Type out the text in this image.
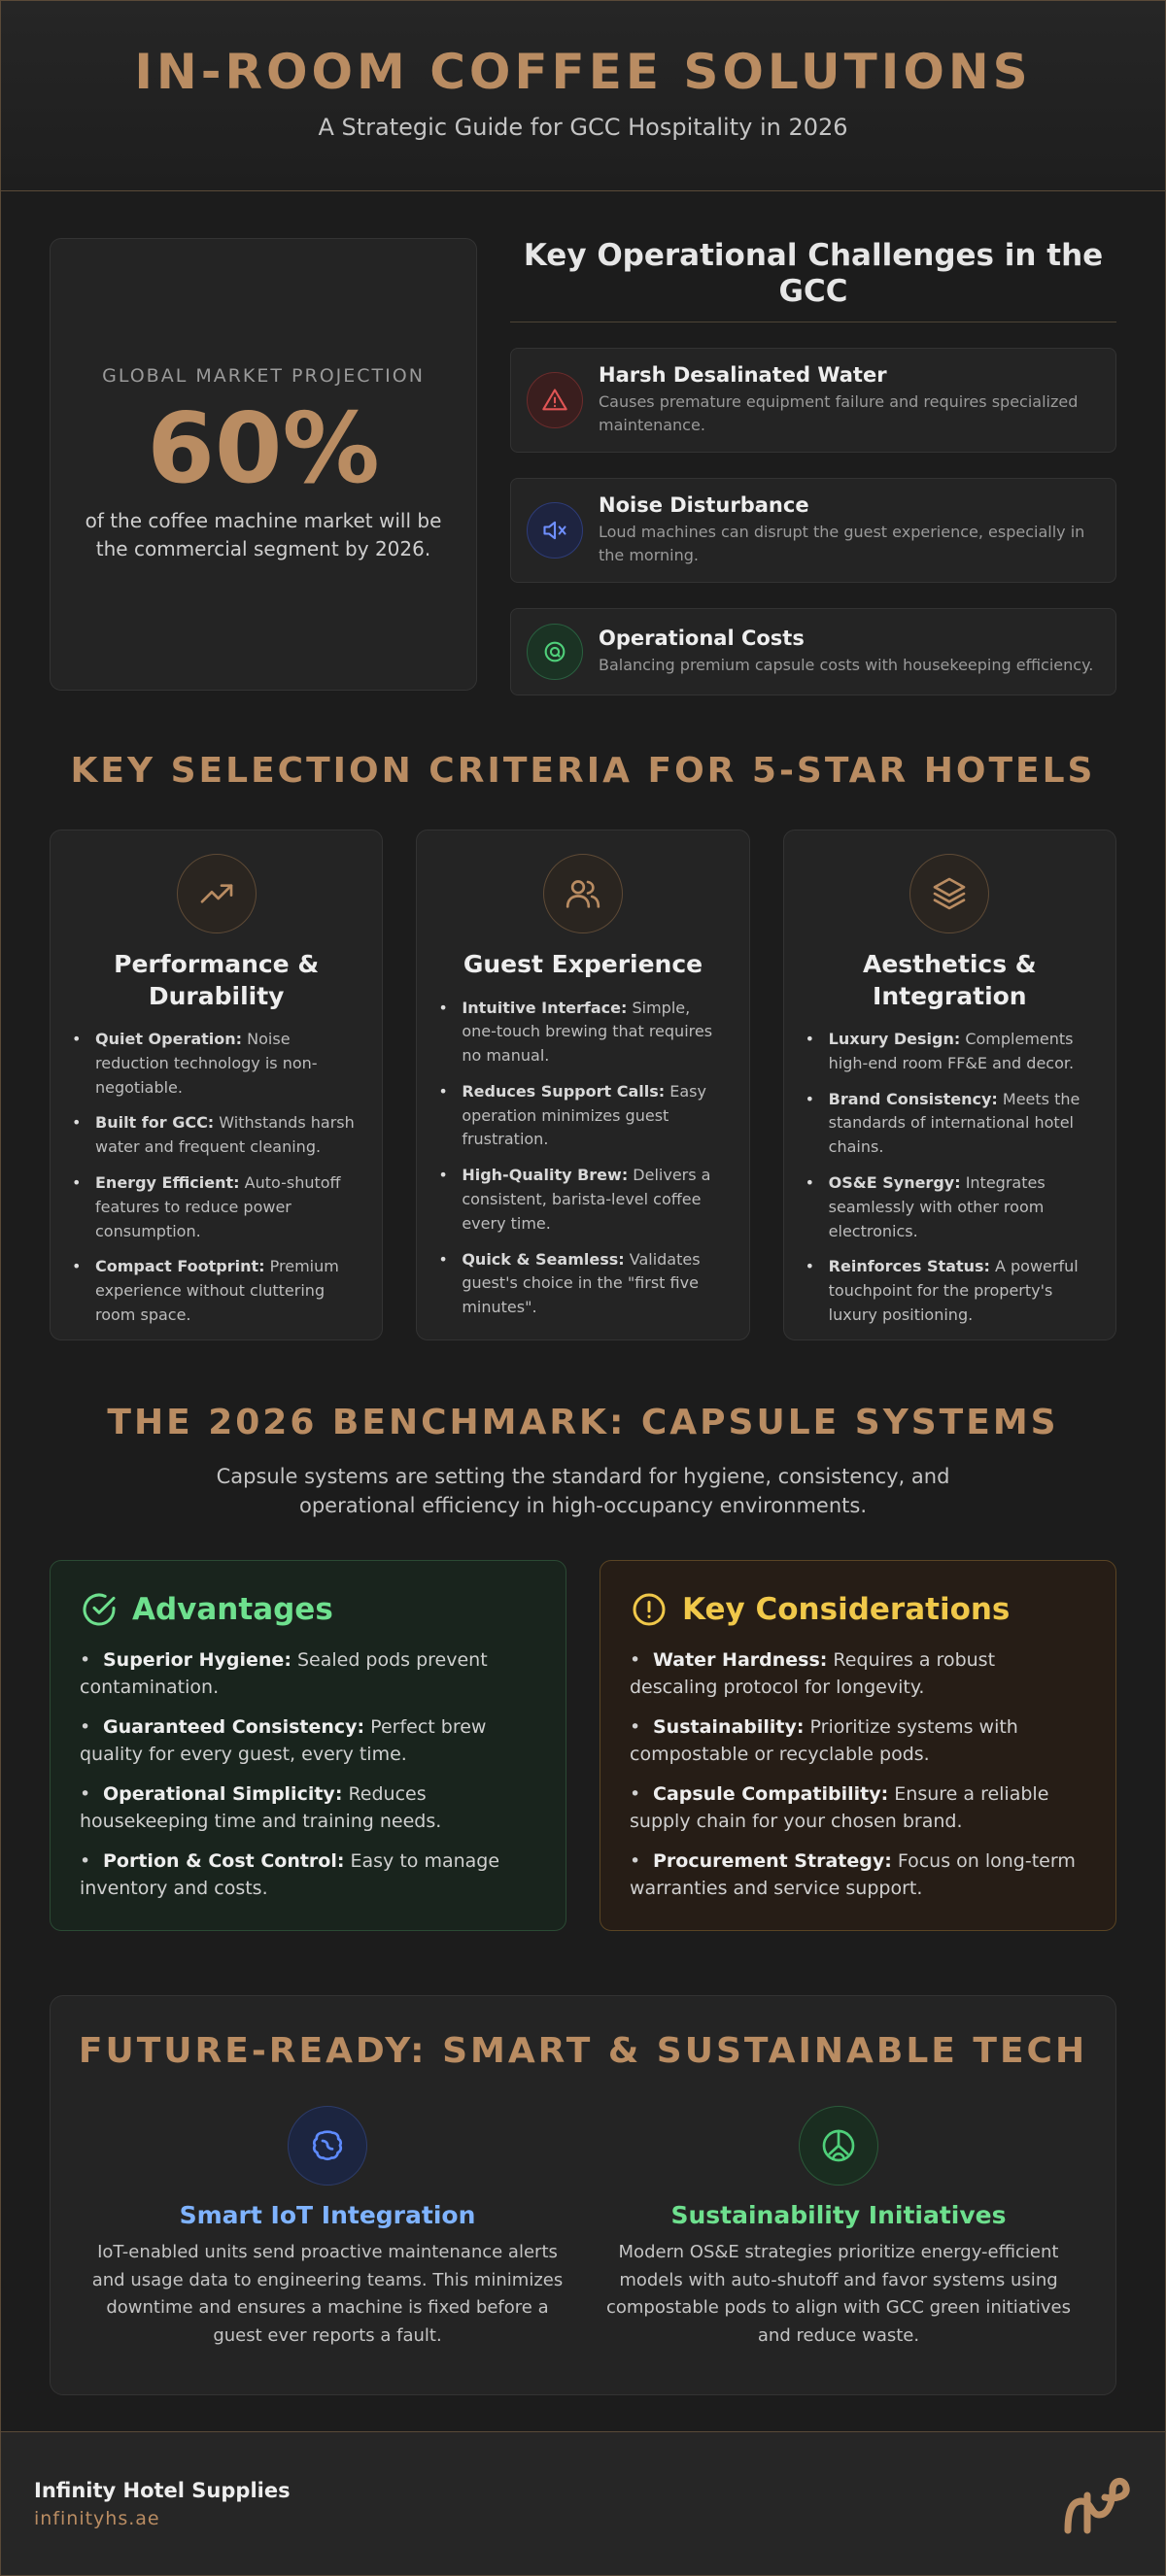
IN-ROOM COFFEE SOLUTIONS
A Strategic Guide for GCC Hospitality in 2026
GLOBAL MARKET PROJECTION
60%
of the coffee machine market will be the commercial segment by 2026.
Key Operational Challenges in the GCC
Harsh Desalinated Water
Causes premature equipment failure and requires specialized maintenance.
Noise Disturbance
Loud machines can disrupt the guest experience, especially in the morning.
Operational Costs
Balancing premium capsule costs with housekeeping efficiency.
KEY SELECTION CRITERIA FOR 5-STAR HOTELS
Performance & Durability
• Quiet Operation: Noise reduction technology is non-negotiable.
• Built for GCC: Withstands harsh water and frequent cleaning.
• Energy Efficient: Auto-shutoff features to reduce power consumption.
• Compact Footprint: Premium experience without cluttering room space.
Guest Experience
• Intuitive Interface: Simple, one-touch brewing that requires no manual.
• Reduces Support Calls: Easy operation minimizes guest frustration.
• High-Quality Brew: Delivers a consistent, barista-level coffee every time.
• Quick & Seamless: Validates guest's choice in the "first five minutes".
Aesthetics & Integration
• Luxury Design: Complements high-end room FF&E and decor.
• Brand Consistency: Meets the standards of international hotel chains.
• OS&E Synergy: Integrates seamlessly with other room electronics.
• Reinforces Status: A powerful touchpoint for the property's luxury positioning.
THE 2026 BENCHMARK: CAPSULE SYSTEMS

Capsule systems are setting the standard for hygiene, consistency, and operational efficiency in high-occupancy environments.

Advantages
• Superior Hygiene: Sealed pods prevent contamination.
• Guaranteed Consistency: Perfect brew quality for every guest, every time.
• Operational Simplicity: Reduces housekeeping time and training needs.
• Portion & Cost Control: Easy to manage inventory and costs.
Key Considerations
• Water Hardness: Requires a robust descaling protocol for longevity.
• Sustainability: Prioritize systems with compostable or recyclable pods.
• Capsule Compatibility: Ensure a reliable supply chain for your chosen brand.
• Procurement Strategy: Focus on long-term warranties and service support.
FUTURE-READY: SMART & SUSTAINABLE TECH
Smart IoT Integration

IoT-enabled units send proactive maintenance alerts and usage data to engineering teams. This minimizes downtime and ensures a machine is fixed before a guest ever reports a fault.

Sustainability Initiatives

Modern OS&E strategies prioritize energy-efficient models with auto-shutoff and favor systems using compostable pods to align with GCC green initiatives and reduce waste.

Infinity Hotel Supplies
infinityhs.ae
